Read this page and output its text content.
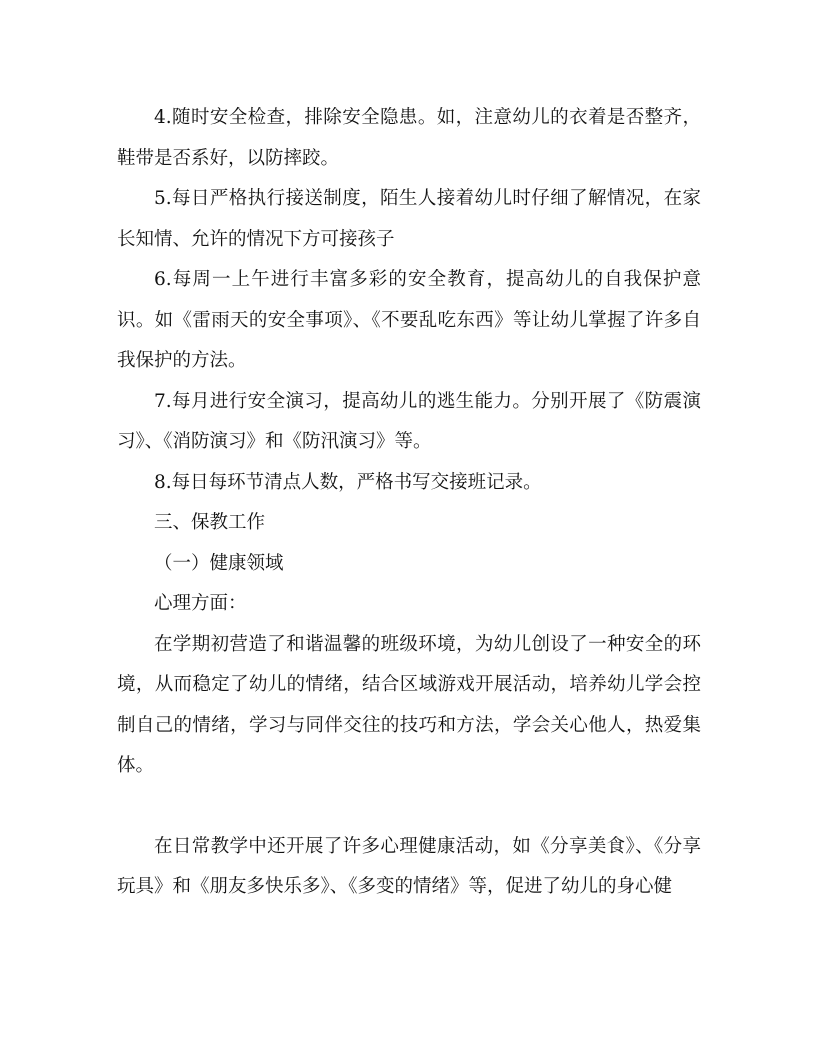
4.随时安全检查，排除安全隐患。如，注意幼儿的衣着是否整齐，鞋带是否系好，以防摔跤。

5.每日严格执行接送制度，陌生人接着幼儿时仔细了解情况，在家长知情、允许的情况下方可接孩子

6.每周一上午进行丰富多彩的安全教育，提高幼儿的自我保护意识。如《雷雨天的安全事项》、《不要乱吃东西》等让幼儿掌握了许多自我保护的方法。

7.每月进行安全演习，提高幼儿的逃生能力。分别开展了《防震演习》、《消防演习》和《防汛演习》等。

8.每日每环节清点人数，严格书写交接班记录。

三、保教工作

（一）健康领域

心理方面：

在学期初营造了和谐温馨的班级环境，为幼儿创设了一种安全的环境，从而稳定了幼儿的情绪，结合区域游戏开展活动，培养幼儿学会控制自己的情绪，学习与同伴交往的技巧和方法，学会关心他人，热爱集体。

在日常教学中还开展了许多心理健康活动，如《分享美食》、《分享玩具》和《朋友多快乐多》、《多变的情绪》等，促进了幼儿的身心健
